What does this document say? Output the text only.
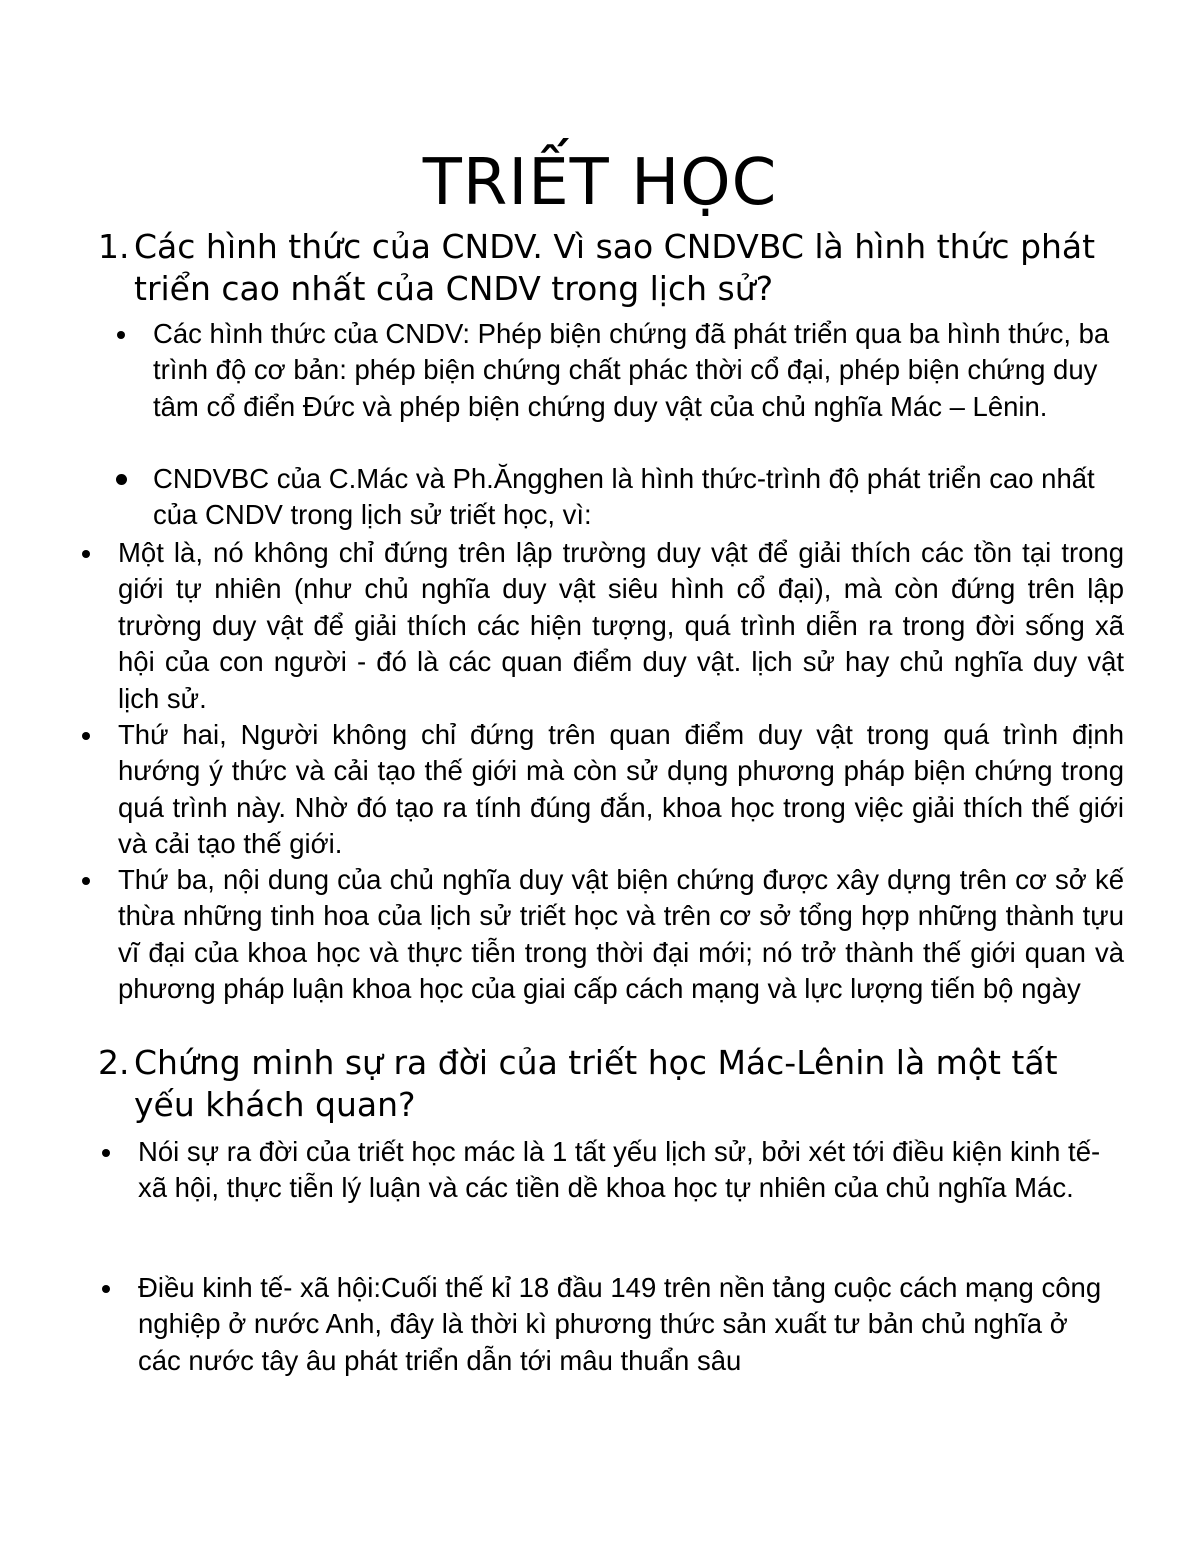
TRIẾT HỌC
1. Các hình thức của CNDV. Vì sao CNDVBC là hình thức phát triển cao nhất của CNDV trong lịch sử?
Các hình thức của CNDV: Phép biện chứng đã phát triển qua ba hình thức, ba trình độ cơ bản: phép biện chứng chất phác thời cổ đại, phép biện chứng duy tâm cổ điển Đức và phép biện chứng duy vật của chủ nghĩa Mác – Lênin.
CNDVBC của C.Mác và Ph.Ăngghen là hình thức-trình độ phát triển cao nhất của CNDV trong lịch sử triết học, vì:
Một là, nó không chỉ đứng trên lập trường duy vật để giải thích các tồn tại trong giới tự nhiên (như chủ nghĩa duy vật siêu hình cổ đại), mà còn đứng trên lập trường duy vật để giải thích các hiện tượng, quá trình diễn ra trong đời sống xã hội của con người - đó là các quan điểm duy vật. lịch sử hay chủ nghĩa duy vật lịch sử.
Thứ hai, Người không chỉ đứng trên quan điểm duy vật trong quá trình định hướng ý thức và cải tạo thế giới mà còn sử dụng phương pháp biện chứng trong quá trình này. Nhờ đó tạo ra tính đúng đắn, khoa học trong việc giải thích thế giới và cải tạo thế giới.
Thứ ba, nội dung của chủ nghĩa duy vật biện chứng được xây dựng trên cơ sở kế thừa những tinh hoa của lịch sử triết học và trên cơ sở tổng hợp những thành tựu vĩ đại của khoa học và thực tiễn trong thời đại mới; nó trở thành thế giới quan và phương pháp luận khoa học của giai cấp cách mạng và lực lượng tiến bộ ngày
2. Chứng minh sự ra đời của triết học Mác-Lênin là một tất yếu khách quan?
Nói sự ra đời của triết học mác là 1 tất yếu lịch sử, bởi xét tới điều kiện kinh tế- xã hội, thực tiễn lý luận và các tiền dề khoa học tự nhiên của chủ nghĩa Mác.
Điều kinh tế- xã hội:Cuối thế kỉ 18 đầu 149 trên nền tảng cuộc cách mạng công nghiệp ở nước Anh, đây là thời kì phương thức sản xuất tư bản chủ nghĩa ở các nước tây âu phát triển dẫn tới mâu thuẩn sâu
